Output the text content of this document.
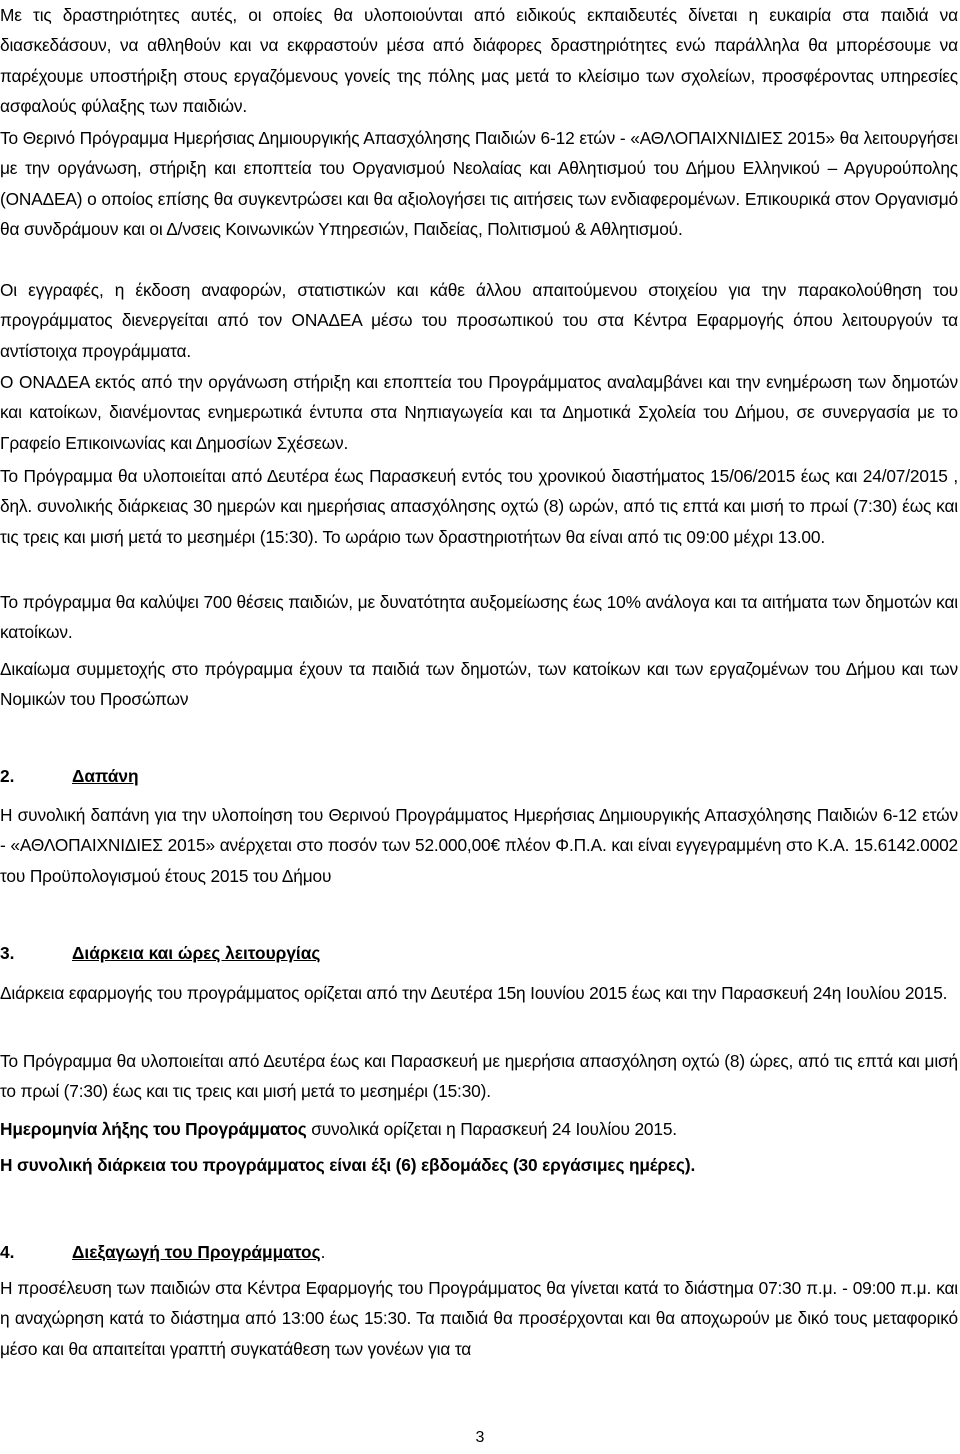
Με τις δραστηριότητες αυτές, οι οποίες θα υλοποιούνται από ειδικούς εκπαιδευτές δίνεται η ευκαιρία στα παιδιά να διασκεδάσουν, να αθληθούν και να εκφραστούν μέσα από διάφορες δραστηριότητες ενώ παράλληλα θα μπορέσουμε να παρέχουμε υποστήριξη στους εργαζόμενους γονείς της πόλης μας μετά το κλείσιμο των σχολείων, προσφέροντας υπηρεσίες ασφαλούς φύλαξης των παιδιών.

Το Θερινό Πρόγραμμα Ημερήσιας Δημιουργικής Απασχόλησης Παιδιών 6-12 ετών - «ΑΘΛΟΠΑΙΧΝΙΔΙΕΣ 2015» θα λειτουργήσει με την οργάνωση, στήριξη και εποπτεία του Οργανισμού Νεολαίας και Αθλητισμού του Δήμου Ελληνικού – Αργυρούπολης (ΟΝΑΔΕΑ) ο οποίος επίσης θα συγκεντρώσει και θα αξιολογήσει τις αιτήσεις των ενδιαφερομένων. Επικουρικά στον Οργανισμό θα συνδράμουν και οι Δ/νσεις Κοινωνικών Υπηρεσιών, Παιδείας, Πολιτισμού & Αθλητισμού.

Οι εγγραφές, η έκδοση αναφορών, στατιστικών και κάθε άλλου απαιτούμενου στοιχείου για την παρακολούθηση του προγράμματος διενεργείται από τον ΟΝΑΔΕΑ μέσω του προσωπικού του στα Κέντρα Εφαρμογής όπου λειτουργούν τα αντίστοιχα προγράμματα.

Ο ΟΝΑΔΕΑ εκτός από την οργάνωση στήριξη και εποπτεία του Προγράμματος αναλαμβάνει και την ενημέρωση των δημοτών και κατοίκων, διανέμοντας ενημερωτικά έντυπα στα Νηπιαγωγεία και τα Δημοτικά Σχολεία του Δήμου, σε συνεργασία με το Γραφείο Επικοινωνίας και Δημοσίων Σχέσεων.

Το Πρόγραμμα θα υλοποιείται από Δευτέρα έως Παρασκευή εντός του χρονικού διαστήματος 15/06/2015 έως και 24/07/2015 , δηλ. συνολικής διάρκειας 30 ημερών και ημερήσιας απασχόλησης οχτώ (8) ωρών, από τις επτά και μισή το πρωί (7:30) έως και τις τρεις και μισή μετά το μεσημέρι (15:30). Το ωράριο των δραστηριοτήτων θα είναι από τις 09:00 μέχρι 13.00.

Το πρόγραμμα θα καλύψει 700 θέσεις παιδιών, με δυνατότητα αυξομείωσης έως 10% ανάλογα και τα αιτήματα των δημοτών και κατοίκων.

Δικαίωμα συμμετοχής στο πρόγραμμα έχουν τα παιδιά των δημοτών, των κατοίκων και των εργαζομένων του Δήμου και των Νομικών του Προσώπων

2.	Δαπάνη

Η συνολική δαπάνη για την υλοποίηση του Θερινού Προγράμματος Ημερήσιας Δημιουργικής Απασχόλησης Παιδιών 6-12 ετών - «ΑΘΛΟΠΑΙΧΝΙΔΙΕΣ 2015» ανέρχεται στο ποσόν των 52.000,00€ πλέον Φ.Π.Α. και είναι εγγεγραμμένη στο Κ.Α. 15.6142.0002 του Προϋπολογισμού έτους 2015 του Δήμου

3.	Διάρκεια και ώρες λειτουργίας

Διάρκεια εφαρμογής του προγράμματος ορίζεται από την Δευτέρα 15η Ιουνίου 2015 έως και την Παρασκευή 24η Ιουλίου 2015.

Το Πρόγραμμα θα υλοποιείται από Δευτέρα έως και Παρασκευή με ημερήσια απασχόληση οχτώ (8) ώρες, από τις επτά και μισή το πρωί (7:30) έως και τις τρεις και μισή μετά το μεσημέρι (15:30).

Ημερομηνία λήξης του Προγράμματος συνολικά ορίζεται η Παρασκευή 24 Ιουλίου 2015.

Η συνολική διάρκεια του προγράμματος είναι έξι (6) εβδομάδες (30 εργάσιμες ημέρες).

4.	Διεξαγωγή του Προγράμματος.

Η προσέλευση των παιδιών στα Κέντρα Εφαρμογής του Προγράμματος θα γίνεται κατά το διάστημα 07:30 π.μ. - 09:00 π.μ. και η αναχώρηση κατά το διάστημα από 13:00 έως 15:30. Τα παιδιά θα προσέρχονται και θα αποχωρούν με δικό τους μεταφορικό μέσο και θα απαιτείται γραπτή συγκατάθεση των γονέων για τα

3
